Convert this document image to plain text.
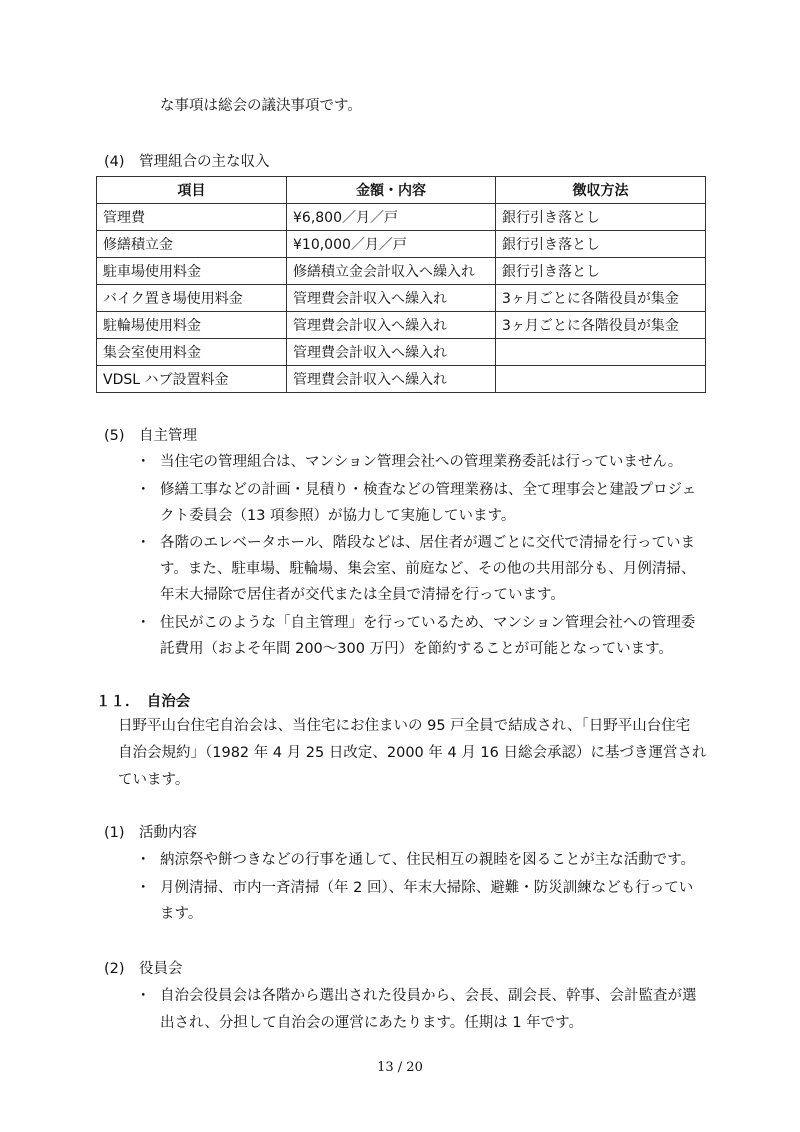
な事項は総会の議決事項です。
(4)　管理組合の主な収入
項目	金額・内容	徴収方法
管理費	¥6,800／月／戸	銀行引き落とし
修繕積立金	¥10,000／月／戸	銀行引き落とし
駐車場使用料金	修繕積立金会計収入へ繰入れ	銀行引き落とし
バイク置き場使用料金	管理費会計収入へ繰入れ	3ヶ月ごとに各階役員が集金
駐輪場使用料金	管理費会計収入へ繰入れ	3ヶ月ごとに各階役員が集金
集会室使用料金	管理費会計収入へ繰入れ	
VDSL ハブ設置料金	管理費会計収入へ繰入れ	
(5)　自主管理
・ 当住宅の管理組合は、マンション管理会社への管理業務委託は行っていません。
・ 修繕工事などの計画・見積り・検査などの管理業務は、全て理事会と建設プロジェ
クト委員会（13 項参照）が協力して実施しています。
・ 各階のエレベータホール、階段などは、居住者が週ごとに交代で清掃を行っていま
す。また、駐車場、駐輪場、集会室、前庭など、その他の共用部分も、月例清掃、
年末大掃除で居住者が交代または全員で清掃を行っています。
・ 住民がこのような「自主管理」を行っているため、マンション管理会社への管理委
託費用（およそ年間 200〜300 万円）を節約することが可能となっています。
１１．　自治会
日野平山台住宅自治会は、当住宅にお住まいの 95 戸全員で結成され、「日野平山台住宅
自治会規約」（1982 年 4 月 25 日改定、2000 年 4 月 16 日総会承認）に基づき運営され
ています。
(1)　活動内容
・ 納涼祭や餅つきなどの行事を通して、住民相互の親睦を図ることが主な活動です。
・ 月例清掃、市内一斉清掃（年 2 回）、年末大掃除、避難・防災訓練なども行ってい
ます。
(2)　役員会
・ 自治会役員会は各階から選出された役員から、会長、副会長、幹事、会計監査が選
出され、分担して自治会の運営にあたります。任期は 1 年です。
13 / 20
